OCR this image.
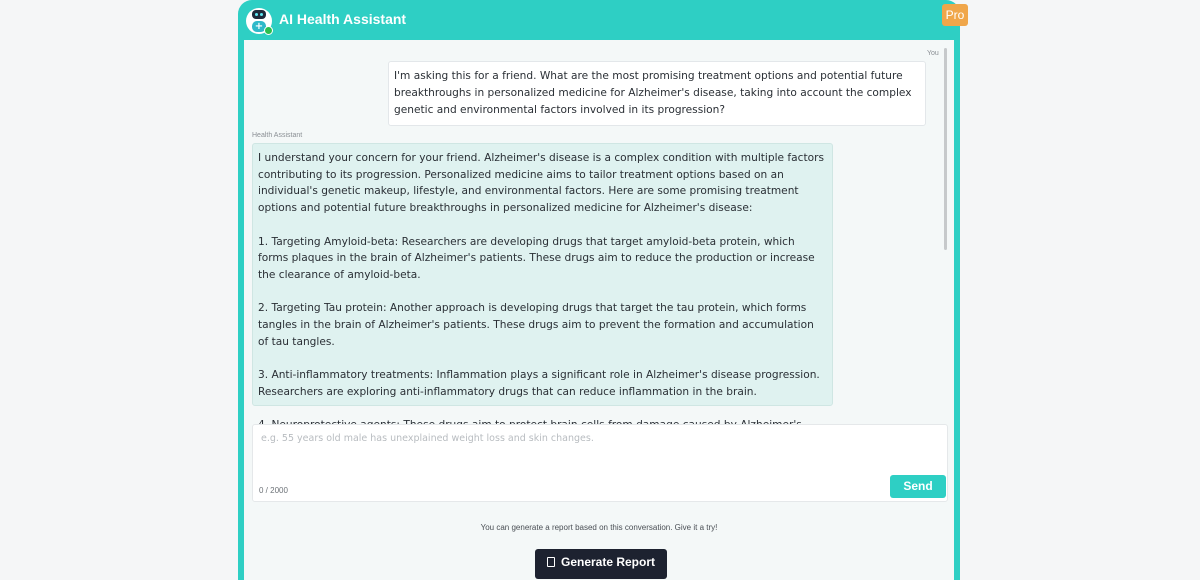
+ AI Health Assistant	Pro
You
I'm asking this for a friend. What are the most promising treatment options and potential future breakthroughs in personalized medicine for Alzheimer's disease, taking into account the complex genetic and environmental factors involved in its progression?
Health Assistant

I understand your concern for your friend. Alzheimer's disease is a complex condition with multiple factors contributing to its progression. Personalized medicine aims to tailor treatment options based on an individual's genetic makeup, lifestyle, and environmental factors. Here are some promising treatment options and potential future breakthroughs in personalized medicine for Alzheimer's disease:

1. Targeting Amyloid-beta: Researchers are developing drugs that target amyloid-beta protein, which forms plaques in the brain of Alzheimer's patients. These drugs aim to reduce the production or increase the clearance of amyloid-beta.

2. Targeting Tau protein: Another approach is developing drugs that target the tau protein, which forms tangles in the brain of Alzheimer's patients. These drugs aim to prevent the formation and accumulation of tau tangles.

3. Anti-inflammatory treatments: Inflammation plays a significant role in Alzheimer's disease progression. Researchers are exploring anti-inflammatory drugs that can reduce inflammation in the brain.

e.g. 55 years old male has unexplained weight loss and skin changes.
0 / 2000	Send
You can generate a report based on this conversation. Give it a try!
Generate Report
